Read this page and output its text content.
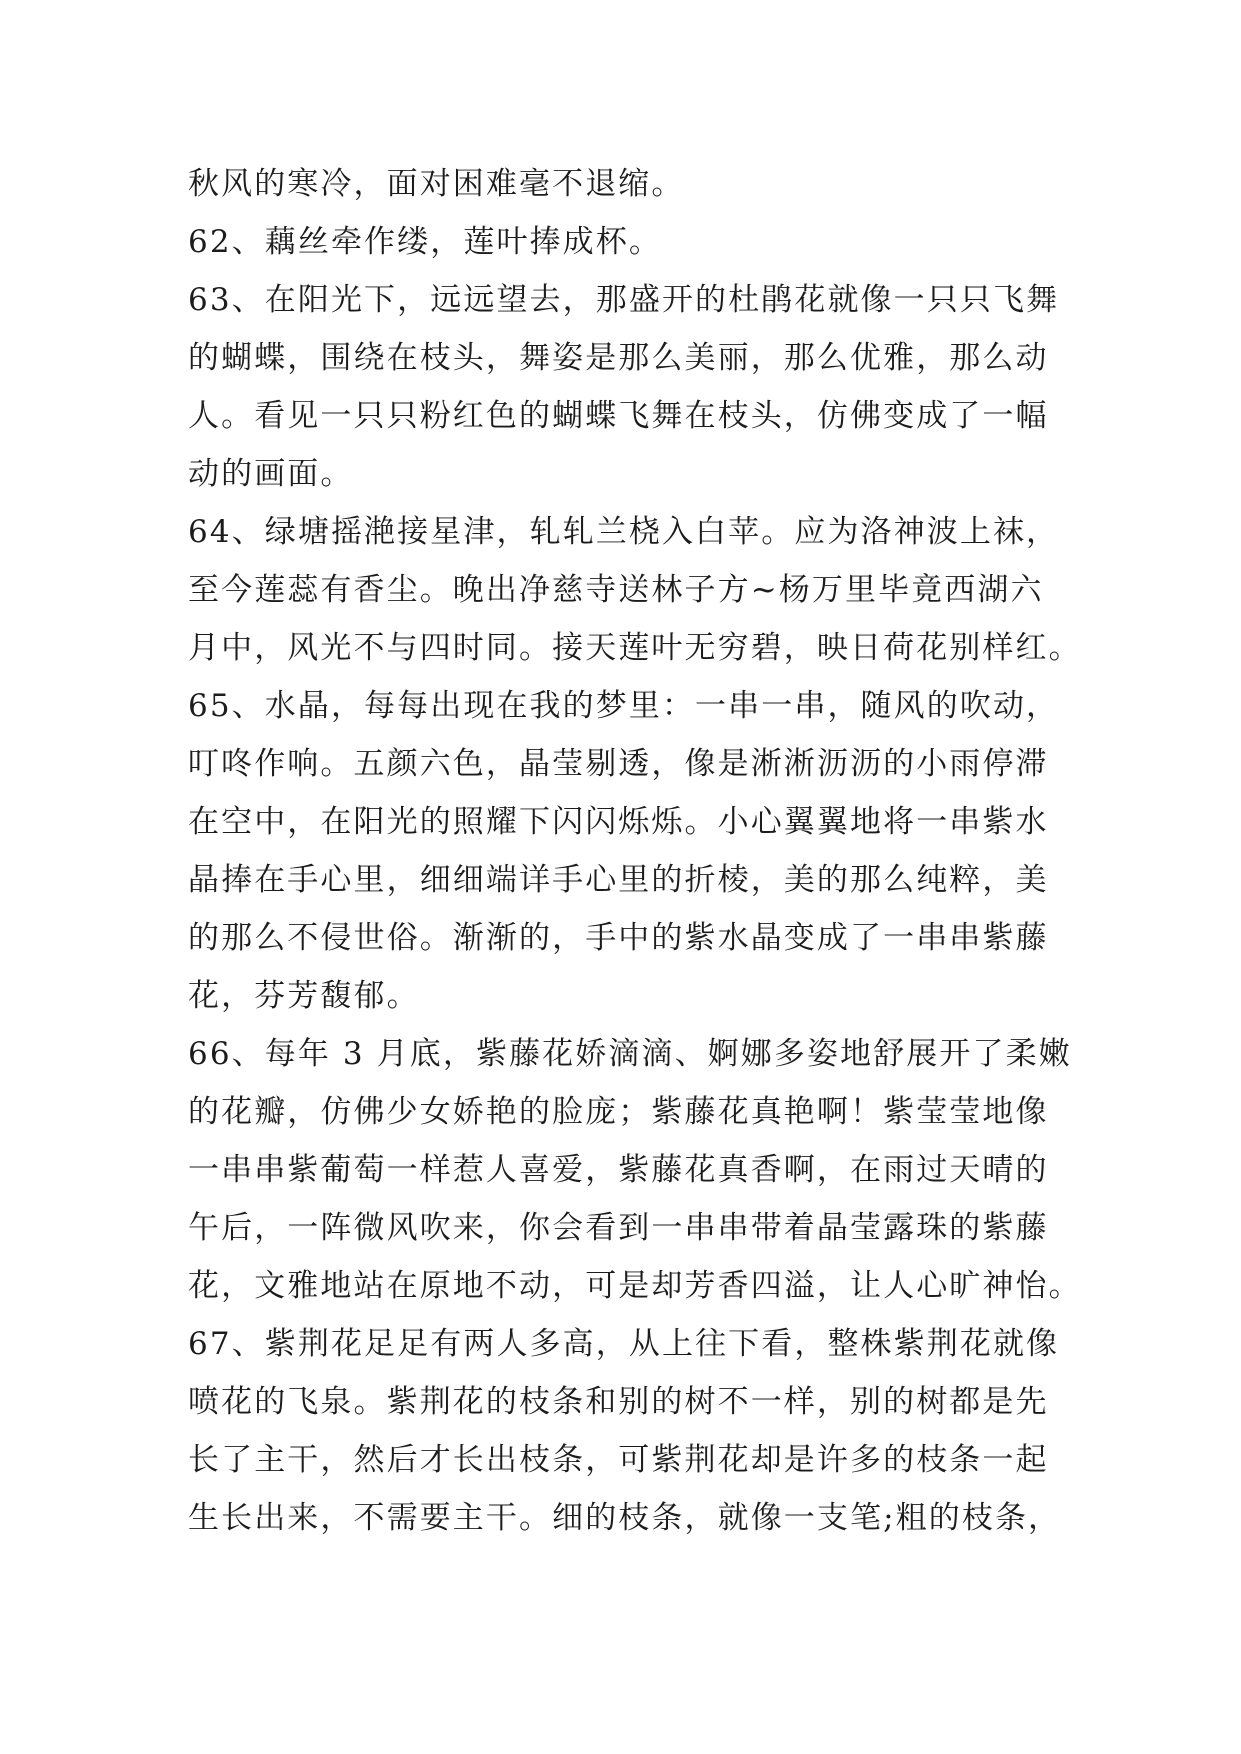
秋风的寒冷，面对困难毫不退缩。
62、藕丝牵作缕，莲叶捧成杯。
63、在阳光下，远远望去，那盛开的杜鹃花就像一只只飞舞
的蝴蝶，围绕在枝头，舞姿是那么美丽，那么优雅，那么动
人。看见一只只粉红色的蝴蝶飞舞在枝头，仿佛变成了一幅
动的画面。
64、绿塘摇滟接星津，轧轧兰桡入白苹。应为洛神波上袜，
至今莲蕊有香尘。晚出净慈寺送林子方~杨万里毕竟西湖六
月中，风光不与四时同。接天莲叶无穷碧，映日荷花别样红。
65、水晶，每每出现在我的梦里：一串一串，随风的吹动，
叮咚作响。五颜六色，晶莹剔透，像是淅淅沥沥的小雨停滞
在空中，在阳光的照耀下闪闪烁烁。小心翼翼地将一串紫水
晶捧在手心里，细细端详手心里的折棱，美的那么纯粹，美
的那么不侵世俗。渐渐的，手中的紫水晶变成了一串串紫藤
花，芬芳馥郁。
66、每年 3 月底，紫藤花娇滴滴、婀娜多姿地舒展开了柔嫩
的花瓣，仿佛少女娇艳的脸庞；紫藤花真艳啊！紫莹莹地像
一串串紫葡萄一样惹人喜爱，紫藤花真香啊，在雨过天晴的
午后，一阵微风吹来，你会看到一串串带着晶莹露珠的紫藤
花，文雅地站在原地不动，可是却芳香四溢，让人心旷神怡。
67、紫荆花足足有两人多高，从上往下看，整株紫荆花就像
喷花的飞泉。紫荆花的枝条和别的树不一样，别的树都是先
长了主干，然后才长出枝条，可紫荆花却是许多的枝条一起
生长出来，不需要主干。细的枝条，就像一支笔;粗的枝条，
